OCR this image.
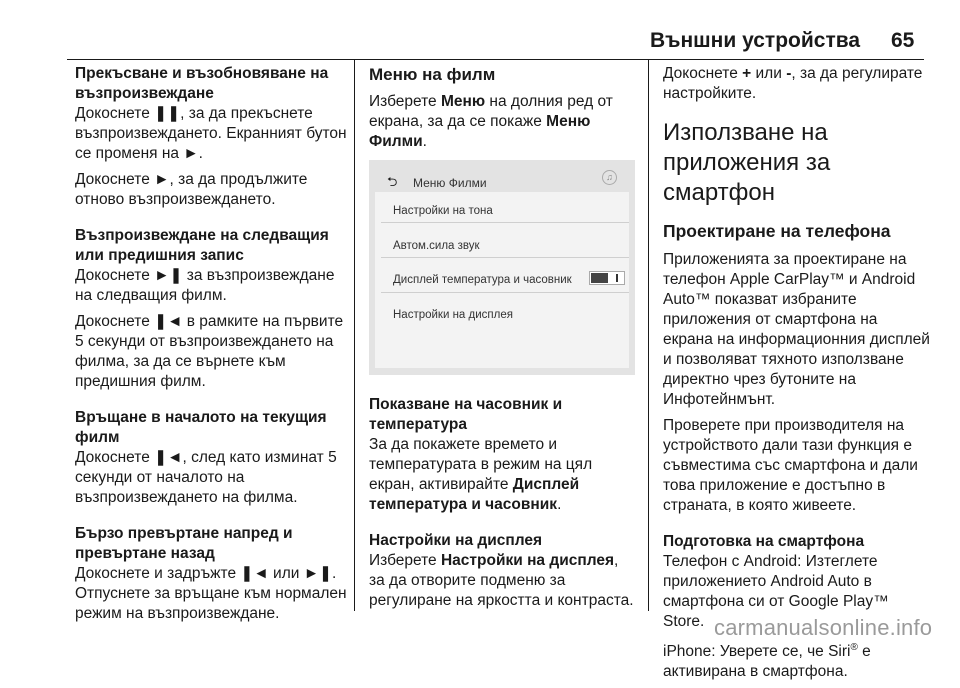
Външни устройства 65
Прекъсване и възобновяване на възпроизвеждане

Докоснете ❚❚, за да прекъснете възпроизвеждането. Екранният бутон се променя на ►.

Докоснете ►, за да продължите отново възпроизвеждането.

Възпроизвеждане на следващия или предишния запис

Докоснете ►❚ за възпроизвеждане на следващия филм.

Докоснете ❚◄ в рамките на първите 5 секунди от възпроизвеждането на филма, за да се върнете към предишния филм.

Връщане в началото на текущия филм

Докоснете ❚◄, след като изминат 5 секунди от началото на възпроизвеждането на филма.

Бързо превъртане напред и превъртане назад

Докоснете и задръжте ❚◄ или ►❚. Отпуснете за връщане към нормален режим на възпроизвеждане.

Меню на филм

Изберете Меню на долния ред от екрана, за да се покаже Меню Филми.

⮌ Меню Филми	♫
Настройки на тона
Автом.сила звук
Дисплей температура и часовник
Настройки на дисплея
Показване на часовник и температура

За да покажете времето и температурата в режим на цял екран, активирайте Дисплей температура и часовник.

Настройки на дисплея

Изберете Настройки на дисплея, за да отворите подменю за регулиране на яркостта и контраста.

Докоснете + или -, за да регулирате настройките.

Използване на приложения за смартфон
Проектиране на телефона

Приложенията за проектиране на телефон Apple CarPlay™ и Android Auto™ показват избраните приложения от смартфона на екрана на информационния дисплей и позволяват тяхното използване директно чрез бутоните на Инфотейнмънт.

Проверете при производителя на устройството дали тази функция е съвместима със смартфона и дали това приложение е достъпно в страната, в която живеете.

Подготовка на смартфона

Телефон с Android: Изтеглете приложението Android Auto в смартфона си от Google Play™ Store.

iPhone: Уверете се, че Siri® е активирана в смартфона.

carmanualsonline.info
